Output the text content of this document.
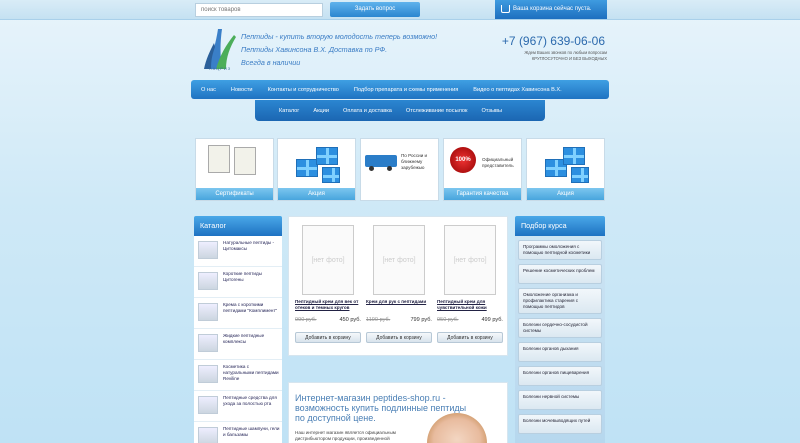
поиск товаров
Задать вопрос	Ваша корзина сейчас пуста.
НАЦРИЗ
Пептиды - купить вторую молодость теперь возможно!
Пептиды Хавинсона В.Х. Доставка по РФ.
Всегда в наличии
+7 (967) 639-06-06
Ждем Ваших звонков по любым вопросам
КРУГЛОСУТОЧНО И БЕЗ ВЫХОДНЫХ
О нас	Новости	Контакты и сотрудничество	Подбор препарата и схемы применения	Видео о пептидах Хавинсона В.Х.
Каталог	Акции	Оплата и доставка	Отслеживание посылок	Отзывы
Сертификаты	Акция
По России и ближнему зарубежью
100%	Официальный представитель
Гарантия качества	Акция
Каталог
Натуральные пептиды - Цитомаксы
Короткие пептиды Цитогены
Крема с короткими пептидами "Комплимент"
Жидкие пептидные комплексы
Косметика с натуральными пептидами Reviline
Пептидные средства для ухода за полостью рта
Пептидные шампуни, гели и бальзамы
Подбор курса
Программы омоложения с помощью пептидной косметики
Решение косметических проблем
Омоложение организма и профилактика старения с помощью пептидов
Болезни сердечно-сосудистой системы
Болезни органов дыхания
Болезни органов пищеварения
Болезни нервной системы
Болезни мочевыводящих путей
[нет фото]
Пептидный крем для век от отеков и темных кругов
990 руб.	450 руб.
Добавить в корзину
[нет фото]
Крем для рук с пептидами
1190 руб.	799 руб.
Добавить в корзину
[нет фото]
Пептидный крем для чувствительной кожи
950 руб.	499 руб.
Добавить в корзину
Интернет-магазин peptides-shop.ru - возможность купить подлинные пептиды по доступной цене.
Наш интернет магазин является официальным дистрибьютором продукции, произведенной
